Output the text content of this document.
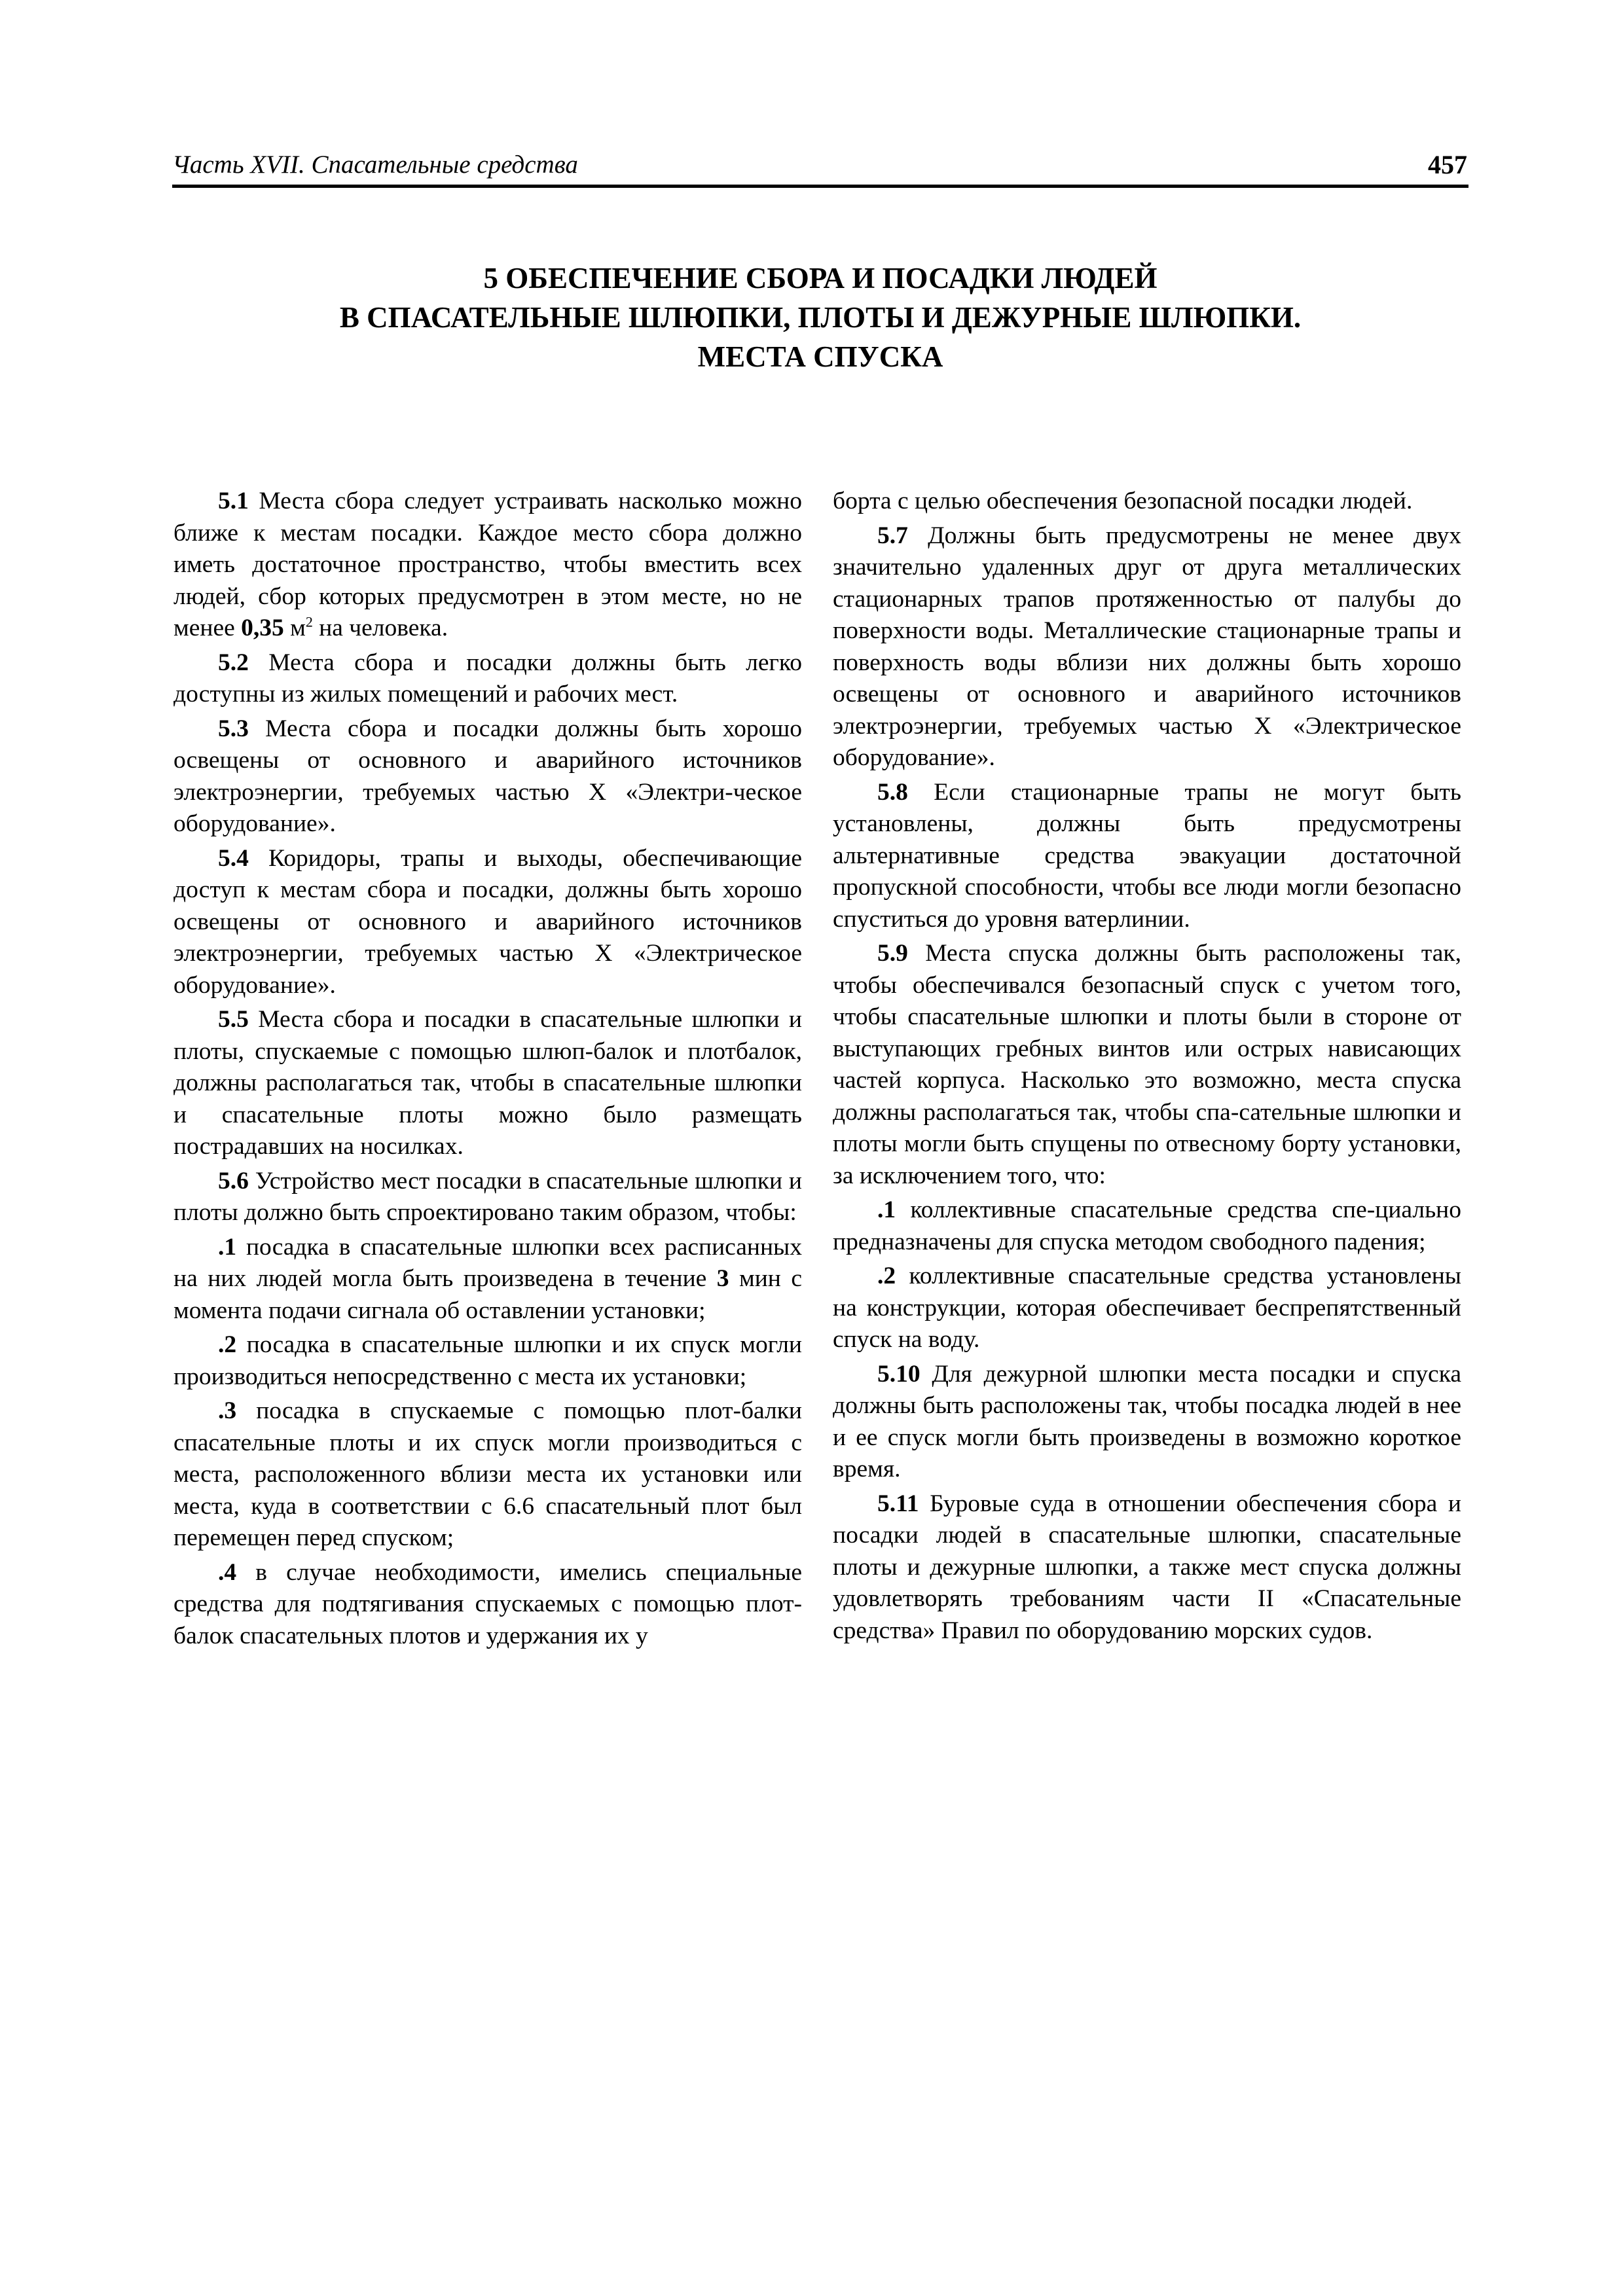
Часть XVII. Спасательные средства	457
5 ОБЕСПЕЧЕНИЕ СБОРА И ПОСАДКИ ЛЮДЕЙ
В СПАСАТЕЛЬНЫЕ ШЛЮПКИ, ПЛОТЫ И ДЕЖУРНЫЕ ШЛЮПКИ.
МЕСТА СПУСКА

5.1 Места сбора следует устраивать насколько можно ближе к местам посадки. Каждое место сбора должно иметь достаточное пространство, чтобы вместить всех людей, сбор которых предусмотрен в этом месте, но не менее 0,35 $м^2$ на человека.

5.2 Места сбора и посадки должны быть легко доступны из жилых помещений и рабочих мест.

5.3 Места сбора и посадки должны быть хорошо освещены от основного и аварийного источников электроэнергии, требуемых частью X «Электри-ческое оборудование».

5.4 Коридоры, трапы и выходы, обеспечивающие доступ к местам сбора и посадки, должны быть хорошо освещены от основного и аварийного источников электроэнергии, требуемых частью X «Электрическое оборудование».

5.5 Места сбора и посадки в спасательные шлюпки и плоты, спускаемые с помощью шлюп-балок и плотбалок, должны располагаться так, чтобы в спасательные шлюпки и спасательные плоты можно было размещать пострадавших на носилках.

5.6 Устройство мест посадки в спасательные шлюпки и плоты должно быть спроектировано таким образом, чтобы:

.1 посадка в спасательные шлюпки всех расписанных на них людей могла быть произведена в течение 3 мин с момента подачи сигнала об оставлении установки;

.2 посадка в спасательные шлюпки и их спуск могли производиться непосредственно с места их установки;

.3 посадка в спускаемые с помощью плот-балки спасательные плоты и их спуск могли производиться с места, расположенного вблизи места их установки или места, куда в соответствии с 6.6 спасательный плот был перемещен перед спуском;

.4 в случае необходимости, имелись специальные средства для подтягивания спускаемых с помощью плот-балок спасательных плотов и удержания их у

борта с целью обеспечения безопасной посадки людей.

5.7 Должны быть предусмотрены не менее двух значительно удаленных друг от друга металлических стационарных трапов протяженностью от палубы до поверхности воды. Металлические стационарные трапы и поверхность воды вблизи них должны быть хорошо освещены от основного и аварийного источников электроэнергии, требуемых частью X «Электрическое оборудование».

5.8 Если стационарные трапы не могут быть установлены, должны быть предусмотрены альтернативные средства эвакуации достаточной пропускной способности, чтобы все люди могли безопасно спуститься до уровня ватерлинии.

5.9 Места спуска должны быть расположены так, чтобы обеспечивался безопасный спуск с учетом того, чтобы спасательные шлюпки и плоты были в стороне от выступающих гребных винтов или острых нависающих частей корпуса. Насколько это возможно, места спуска должны располагаться так, чтобы спа-сательные шлюпки и плоты могли быть спущены по отвесному борту установки, за исключением того, что:

.1 коллективные спасательные средства спе-циально предназначены для спуска методом свободного падения;

.2 коллективные спасательные средства установлены на конструкции, которая обеспечивает беспрепятственный спуск на воду.

5.10 Для дежурной шлюпки места посадки и спуска должны быть расположены так, чтобы посадка людей в нее и ее спуск могли быть произведены в возможно короткое время.

5.11 Буровые суда в отношении обеспечения сбора и посадки людей в спасательные шлюпки, спасательные плоты и дежурные шлюпки, а также мест спуска должны удовлетворять требованиям части II «Спасательные средства» Правил по оборудованию морских судов.
